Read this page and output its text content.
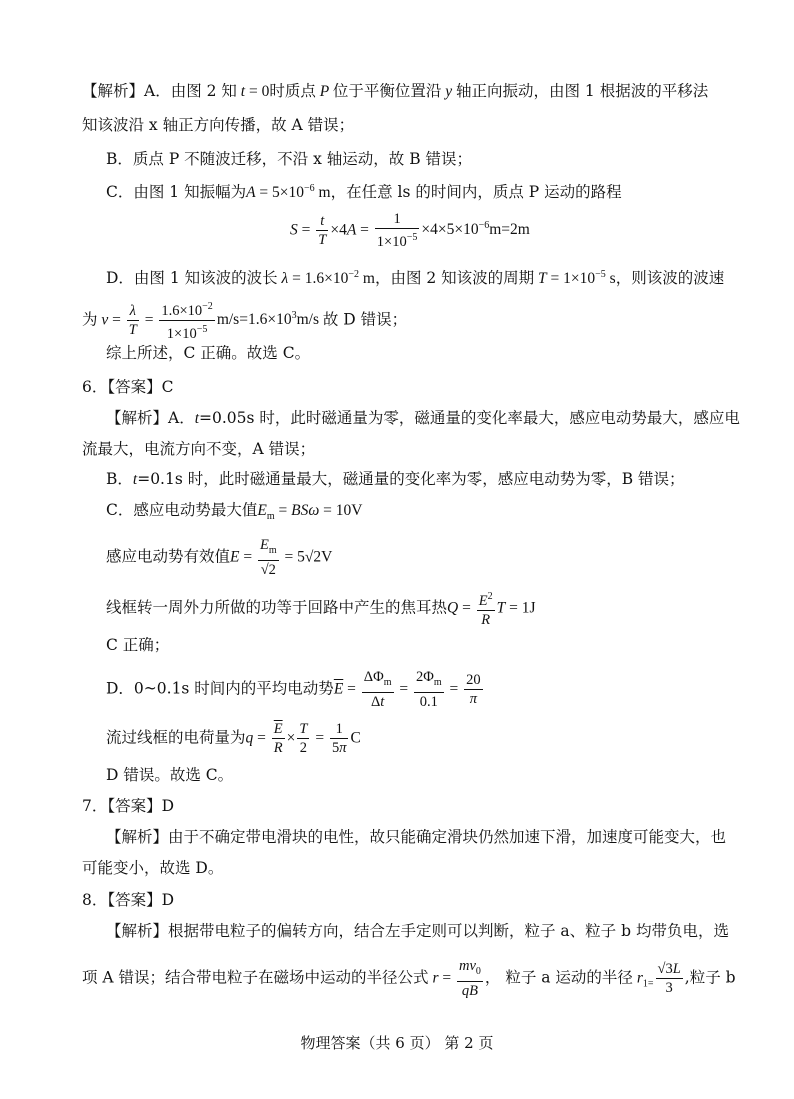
【解析】A．由图 2 知 t = 0时质点 P 位于平衡位置沿 y 轴正向振动，由图 1 根据波的平移法
知该波沿 x 轴正方向传播，故 A 错误；
B．质点 P 不随波迁移，不沿 x 轴运动，故 B 错误；
C．由图 1 知振幅为$A = 5\times 10^{-6}$ m，在任意 ls 的时间内，质点 P 运动的路程
$S = \frac{t}{T} \times 4A = \frac{1}{1\times 10^{-5}} \times 4\times 5\times 10^{-6}m=2m$
D．由图 1 知该波的波长 $\lambda = 1.6\times 10^{-2}$ m，由图 2 知该波的周期 $T = 1\times 10^{-5}$ s，则该波的波速
为 $v = \frac{\lambda}{T} = \frac{1.6\times 10^{-2}}{1\times 10^{-5}} m/s=1.6\times 10^3m/s$ 故 D 错误；
综上所述，C 正确。故选 C。
6．【答案】C
【解析】A．t=0.05s 时，此时磁通量为零，磁通量的变化率最大，感应电动势最大，感应电
流最大，电流方向不变，A 错误；
B．t=0.1s 时，此时磁通量最大，磁通量的变化率为零，感应电动势为零，B 错误；
C．感应电动势最大值$E_m = BS\omega = 10V$
感应电动势有效值$E = \frac{E_m}{√2} = 5√2V$
线框转一周外力所做的功等于回路中产生的焦耳热$Q = \frac{E^2}{R}$ T = 1J
C 正确；
D．0~0.1s 时间内的平均电动势$\overline{E} = \frac{\Delta\Phi_m}{\Delta t} = \frac{2\Phi_m}{0.1} = \frac{20}{\pi}$
流过线框的电荷量为$q = \frac{\overline{E}}{R} \times \frac{T}{2} = \frac{1}{5\pi}$ C
D 错误。故选 C。
7．【答案】D
【解析】由于不确定带电滑块的电性，故只能确定滑块仍然加速下滑，加速度可能变大，也
可能变小，故选 D。
8．【答案】D
【解析】根据带电粒子的偏转方向，结合左手定则可以判断，粒子 a、粒子 b 均带负电，选
项 A 错误；结合带电粒子在磁场中运动的半径公式 $r = \frac{mv_0}{qB}$ ， 粒子 a 运动的半径 $r_{1=} \frac{√3L}{3}$ ,粒子 b
物理答案（共 6 页） 第 2 页
